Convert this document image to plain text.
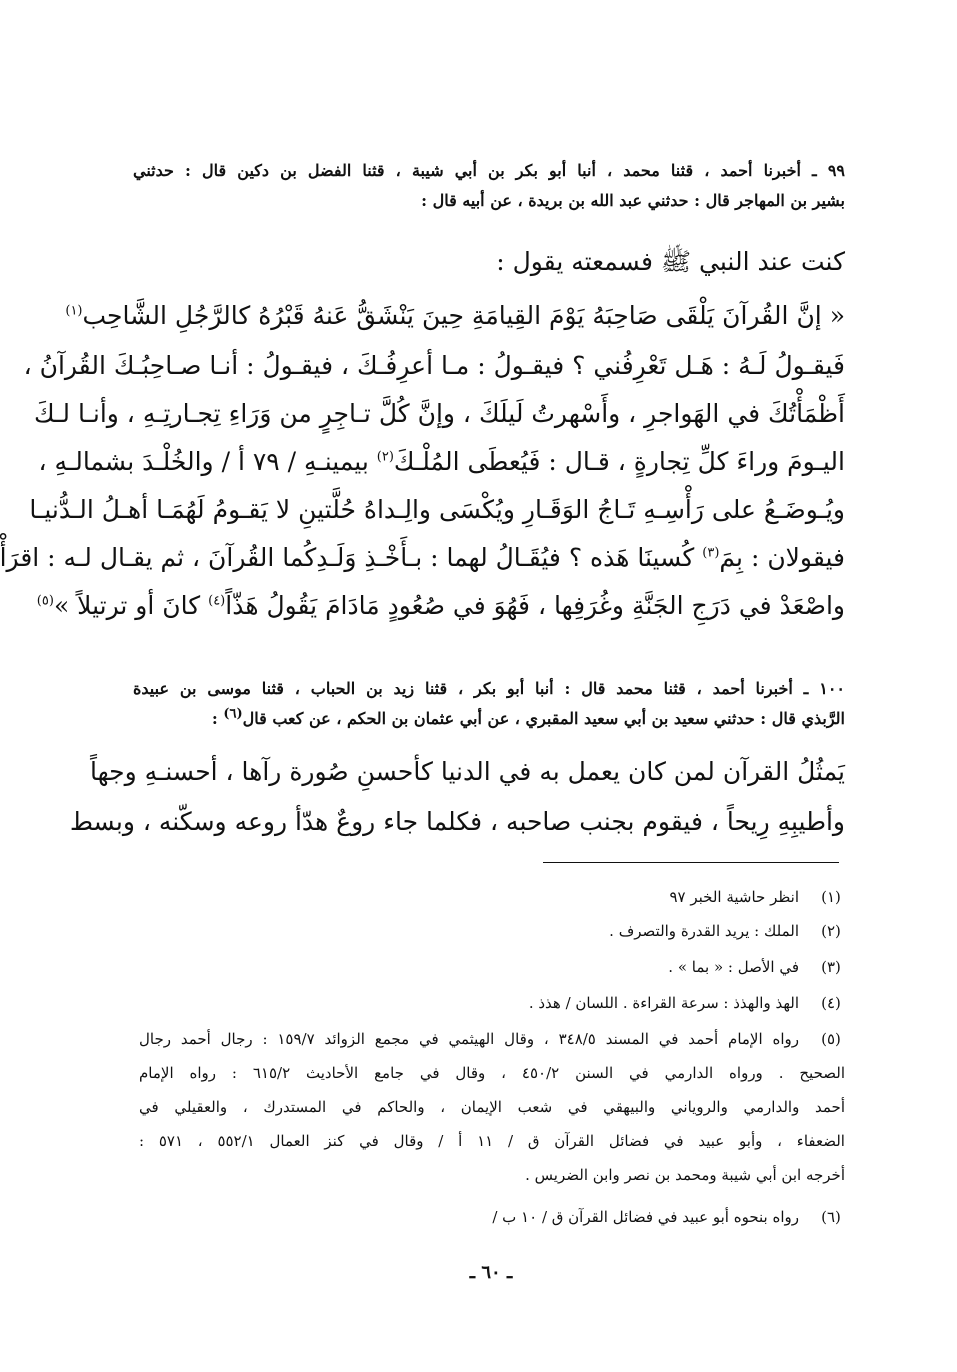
٩٩ ـ أخبرنا أحمد ، قثنا محمد ، أنبا أبو بكر بن أبي شيبة ، قثنا الفضل بن دكين قال : حدثني
بشير بن المهاجر قال : حدثني عبد الله بن بريدة ، عن أبيه قال :
كنت عند النبي ﷺ فسمعته يقول :
« إنَّ القُرآنَ يَلْقَى صَاحِبَهُ يَوْمَ القِيامَةِ حِينَ يَنْشَقُّ عَنهُ قَبْرُهُ كالرَّجُلِ الشَّاحِب$^{(١)}$
فَيقـولُ لَـهُ : هَـل تَعْرِفُني ؟ فيقـولُ : مـا أعرِفُـكَ ، فيقـولُ : أنـا صـاحِبُـكَ القُرآنُ ،
أَظْمَأْتُكَ في الهَواجرِ ، وأَسْهرتُ لَيلَكَ ، وإنَّ كُلَّ تـاجِرٍ من وَرَاءِ تِجـارتِـهِ ، وأنـا لـكَ
اليـومَ وراءَ كلِّ تِجارةٍ ، قـال : فَيُعطَى المُلْـكَ$^{(٢)}$ بيمينـهِ / ٧٩ أ / والخُلْـدَ بشمالـهِ ،
ويُـوضَـعُ على رَأْسِـهِ تَـاجُ الوَقَـارِ ويُكْسَى والِـداهُ حُلَّتينِ لا يَقـومُ لَهُمَـا أهـلُ الـدُّنيـا
فيقولان : بِمَ$^{(٣)}$ كُسينَا هَذه ؟ فيُقَـالُ لهما : بـأَخْـذِ وَلَـدِكُما القُرآنَ ، ثم يقـال لـه : اقرَأْ
واصْعَدْ في دَرَجِ الجَنَّةِ وغُرَفِها ، فَهُوَ في صُعُودٍ مَادَامَ يَقُولُ هَذّاً$^{(٤)}$ كانَ أو ترتيلاً »$^{(٥)}$
١٠٠ ـ أخبرنا أحمد ، قثنا محمد قال : أنبا أبو بكر ، قثنا زيد بن الحباب ، قثنا موسى بن عبيدة
الرَّبذي قال : حدثني سعيد بن أبي سعيد المقبري ، عن أبي عثمان بن الحكم ، عن كعب قال$^{(٦)}$ :
يَمثُلُ القرآن لمن كان يعمل به في الدنيا كأحسنِ صُورة رآها ، أحسنـهِ وجهاً
وأطيبِهِ رِيحاً ، فيقوم بجنب صاحبه ، فكلما جاء روعٌ هدّأ روعه وسكّنه ، وبسط
(١)
انظر حاشية الخبر ٩٧
(٢)
الملك : يريد القدرة والتصرف .
(٣)
في الأصل : « بما » .
(٤)
الهذ والهذذ : سرعة القراءة . اللسان / هذذ .
(٥)
رواه الإمام أحمد في المسند ٣٤٨/٥ ، وقال الهيثمي في مجمع الزوائد ١٥٩/٧ : رجال أحمد رجال
الصحيح . ورواه الدارمي في السنن ٤٥٠/٢ ، وقال في جامع الأحاديث ٦١٥/٢ : رواه الإمام
أحمد والدارمي والروياني والبيهقي في شعب الإيمان ، والحاكم في المستدرك ، والعقيلي في
الضعفاء ، وأبو عبيد في فضائل القرآن ق / ١١ أ / وقال في كنز العمال ٥٥٢/١ ، ٥٧١ :
أخرجه ابن أبي شيبة ومحمد بن نصر وابن الضريس .
(٦)
رواه بنحوه أبو عبيد في فضائل القرآن ق / ١٠ ب /
ـ ٦٠ ـ
